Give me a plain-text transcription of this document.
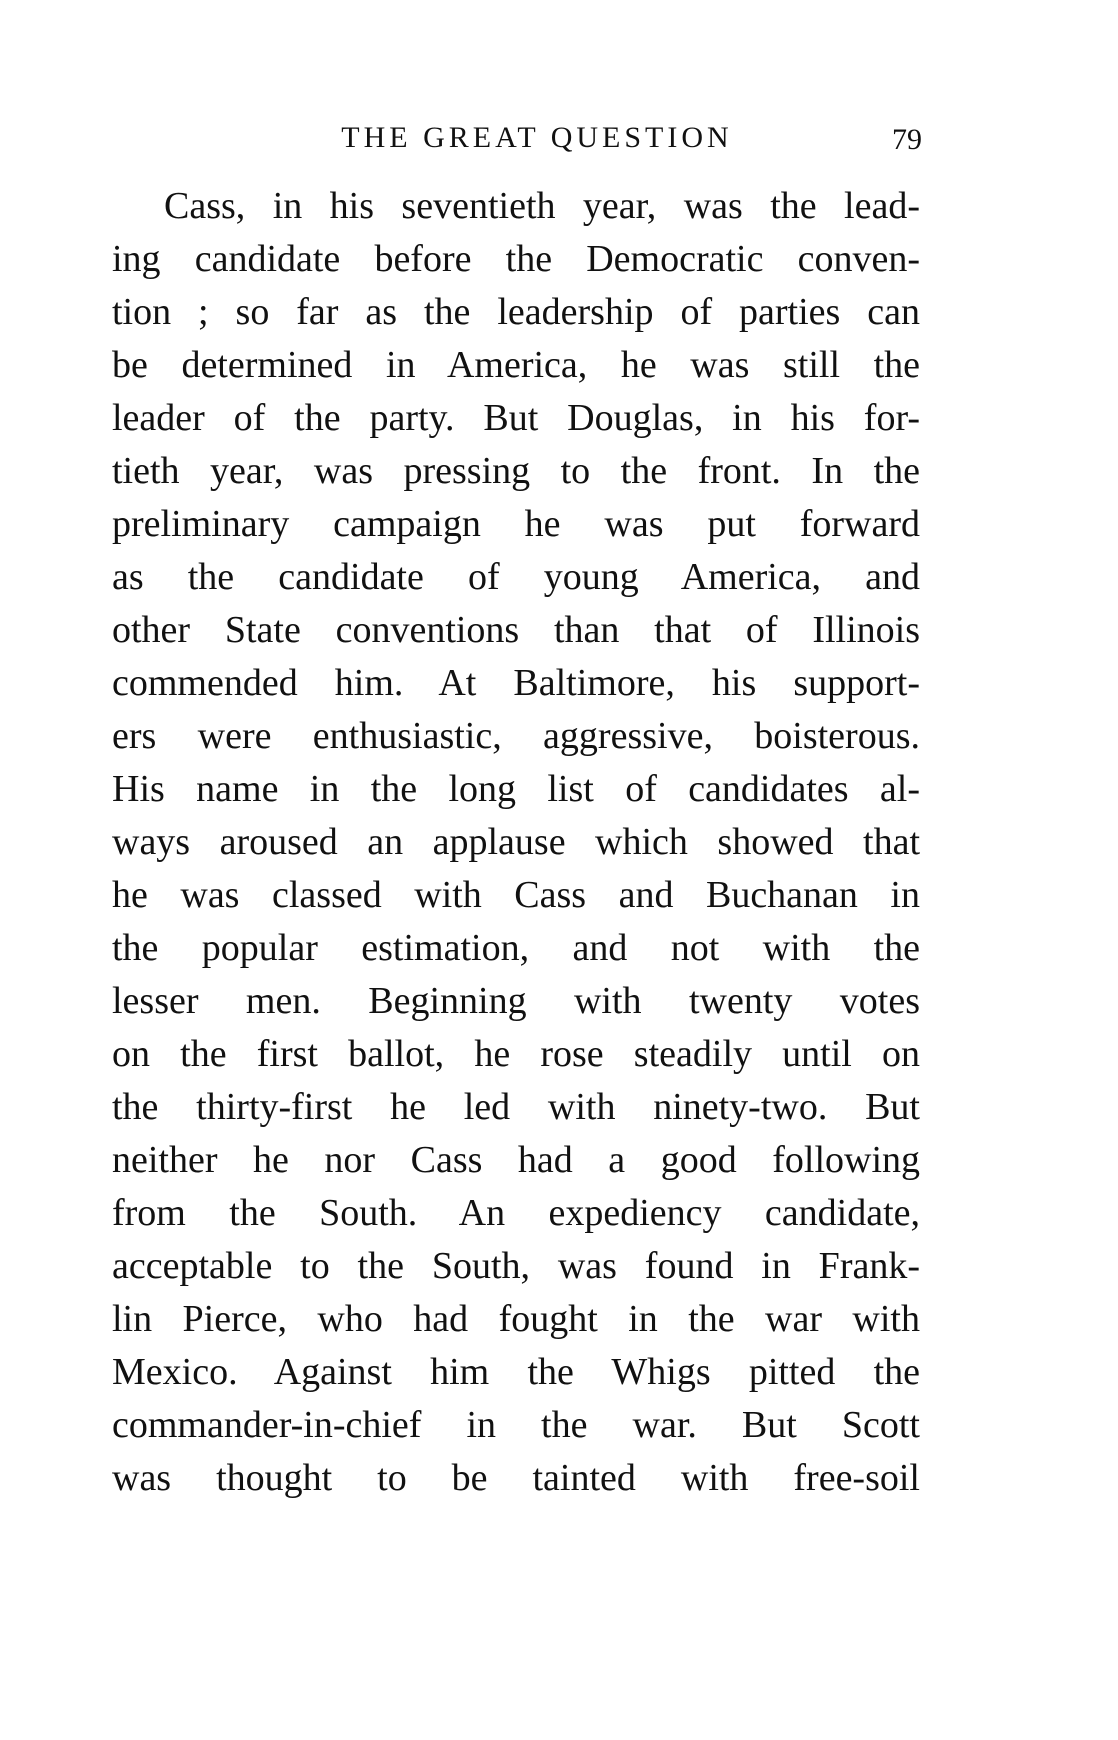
THE GREAT QUESTION	79
Cass, in his seventieth year, was the lead-
ing candidate before the Democratic conven-
tion ; so far as the leadership of parties can
be determined in America, he was still the
leader of the party. But Douglas, in his for-
tieth year, was pressing to the front. In the
preliminary campaign he was put forward
as the candidate of young America, and
other State conventions than that of Illinois
commended him. At Baltimore, his support-
ers were enthusiastic, aggressive, boisterous.
His name in the long list of candidates al-
ways aroused an applause which showed that
he was classed with Cass and Buchanan in
the popular estimation, and not with the
lesser men. Beginning with twenty votes
on the first ballot, he rose steadily until on
the thirty-first he led with ninety-two. But
neither he nor Cass had a good following
from the South. An expediency candidate,
acceptable to the South, was found in Frank-
lin Pierce, who had fought in the war with
Mexico. Against him the Whigs pitted the
commander-in-chief in the war. But Scott
was thought to be tainted with free-soil
